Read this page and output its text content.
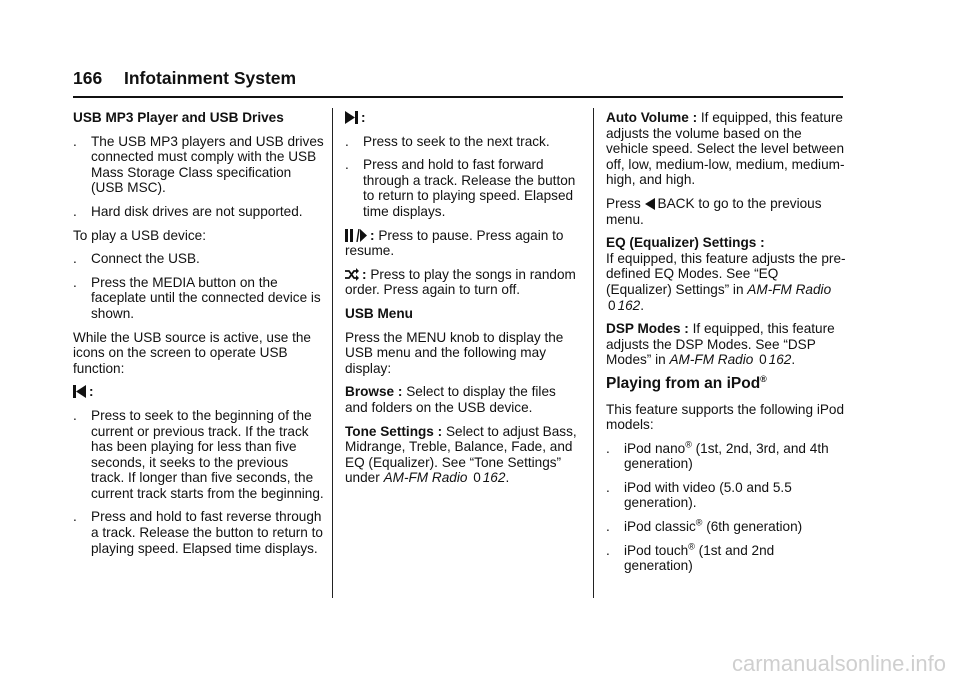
166 Infotainment System

USB MP3 Player and USB Drives

. The USB MP3 players and USB drives connected must comply with the USB Mass Storage Class specification (USB MSC).
. Hard disk drives are not supported.

To play a USB device:

. Connect the USB.
. Press the MEDIA button on the faceplate until the connected device is shown.

While the USB source is active, use the icons on the screen to operate USB function:

:

. Press to seek to the beginning of the current or previous track. If the track has been playing for less than five seconds, it seeks to the previous track. If longer than five seconds, the current track starts from the beginning.
. Press and hold to fast reverse through a track. Release the button to return to playing speed. Elapsed time displays.

:

. Press to seek to the next track.
. Press and hold to fast forward through a track. Release the button to return to playing speed. Elapsed time displays.

: Press to pause. Press again to resume.

: Press to play the songs in random order. Press again to turn off.

USB Menu

Press the MENU knob to display the USB menu and the following may display:

Browse : Select to display the files and folders on the USB device.

Tone Settings : Select to adjust Bass, Midrange, Treble, Balance, Fade, and EQ (Equalizer). See “Tone Settings” under AM-FM Radio 0 162.

Auto Volume : If equipped, this feature adjusts the volume based on the vehicle speed. Select the level between off, low, medium-low, medium, medium-high, and high.

Press BACK to go to the previous menu.

EQ (Equalizer) Settings :
If equipped, this feature adjusts the pre-defined EQ Modes. See “EQ (Equalizer) Settings” in AM-FM Radio 0 162.

DSP Modes : If equipped, this feature adjusts the DSP Modes. See “DSP Modes” in AM-FM Radio 0 162.

Playing from an iPod®

This feature supports the following iPod models:

. iPod nano® (1st, 2nd, 3rd, and 4th generation)
. iPod with video (5.0 and 5.5 generation).
. iPod classic® (6th generation)
. iPod touch® (1st and 2nd generation)
carmanualsonline.info
